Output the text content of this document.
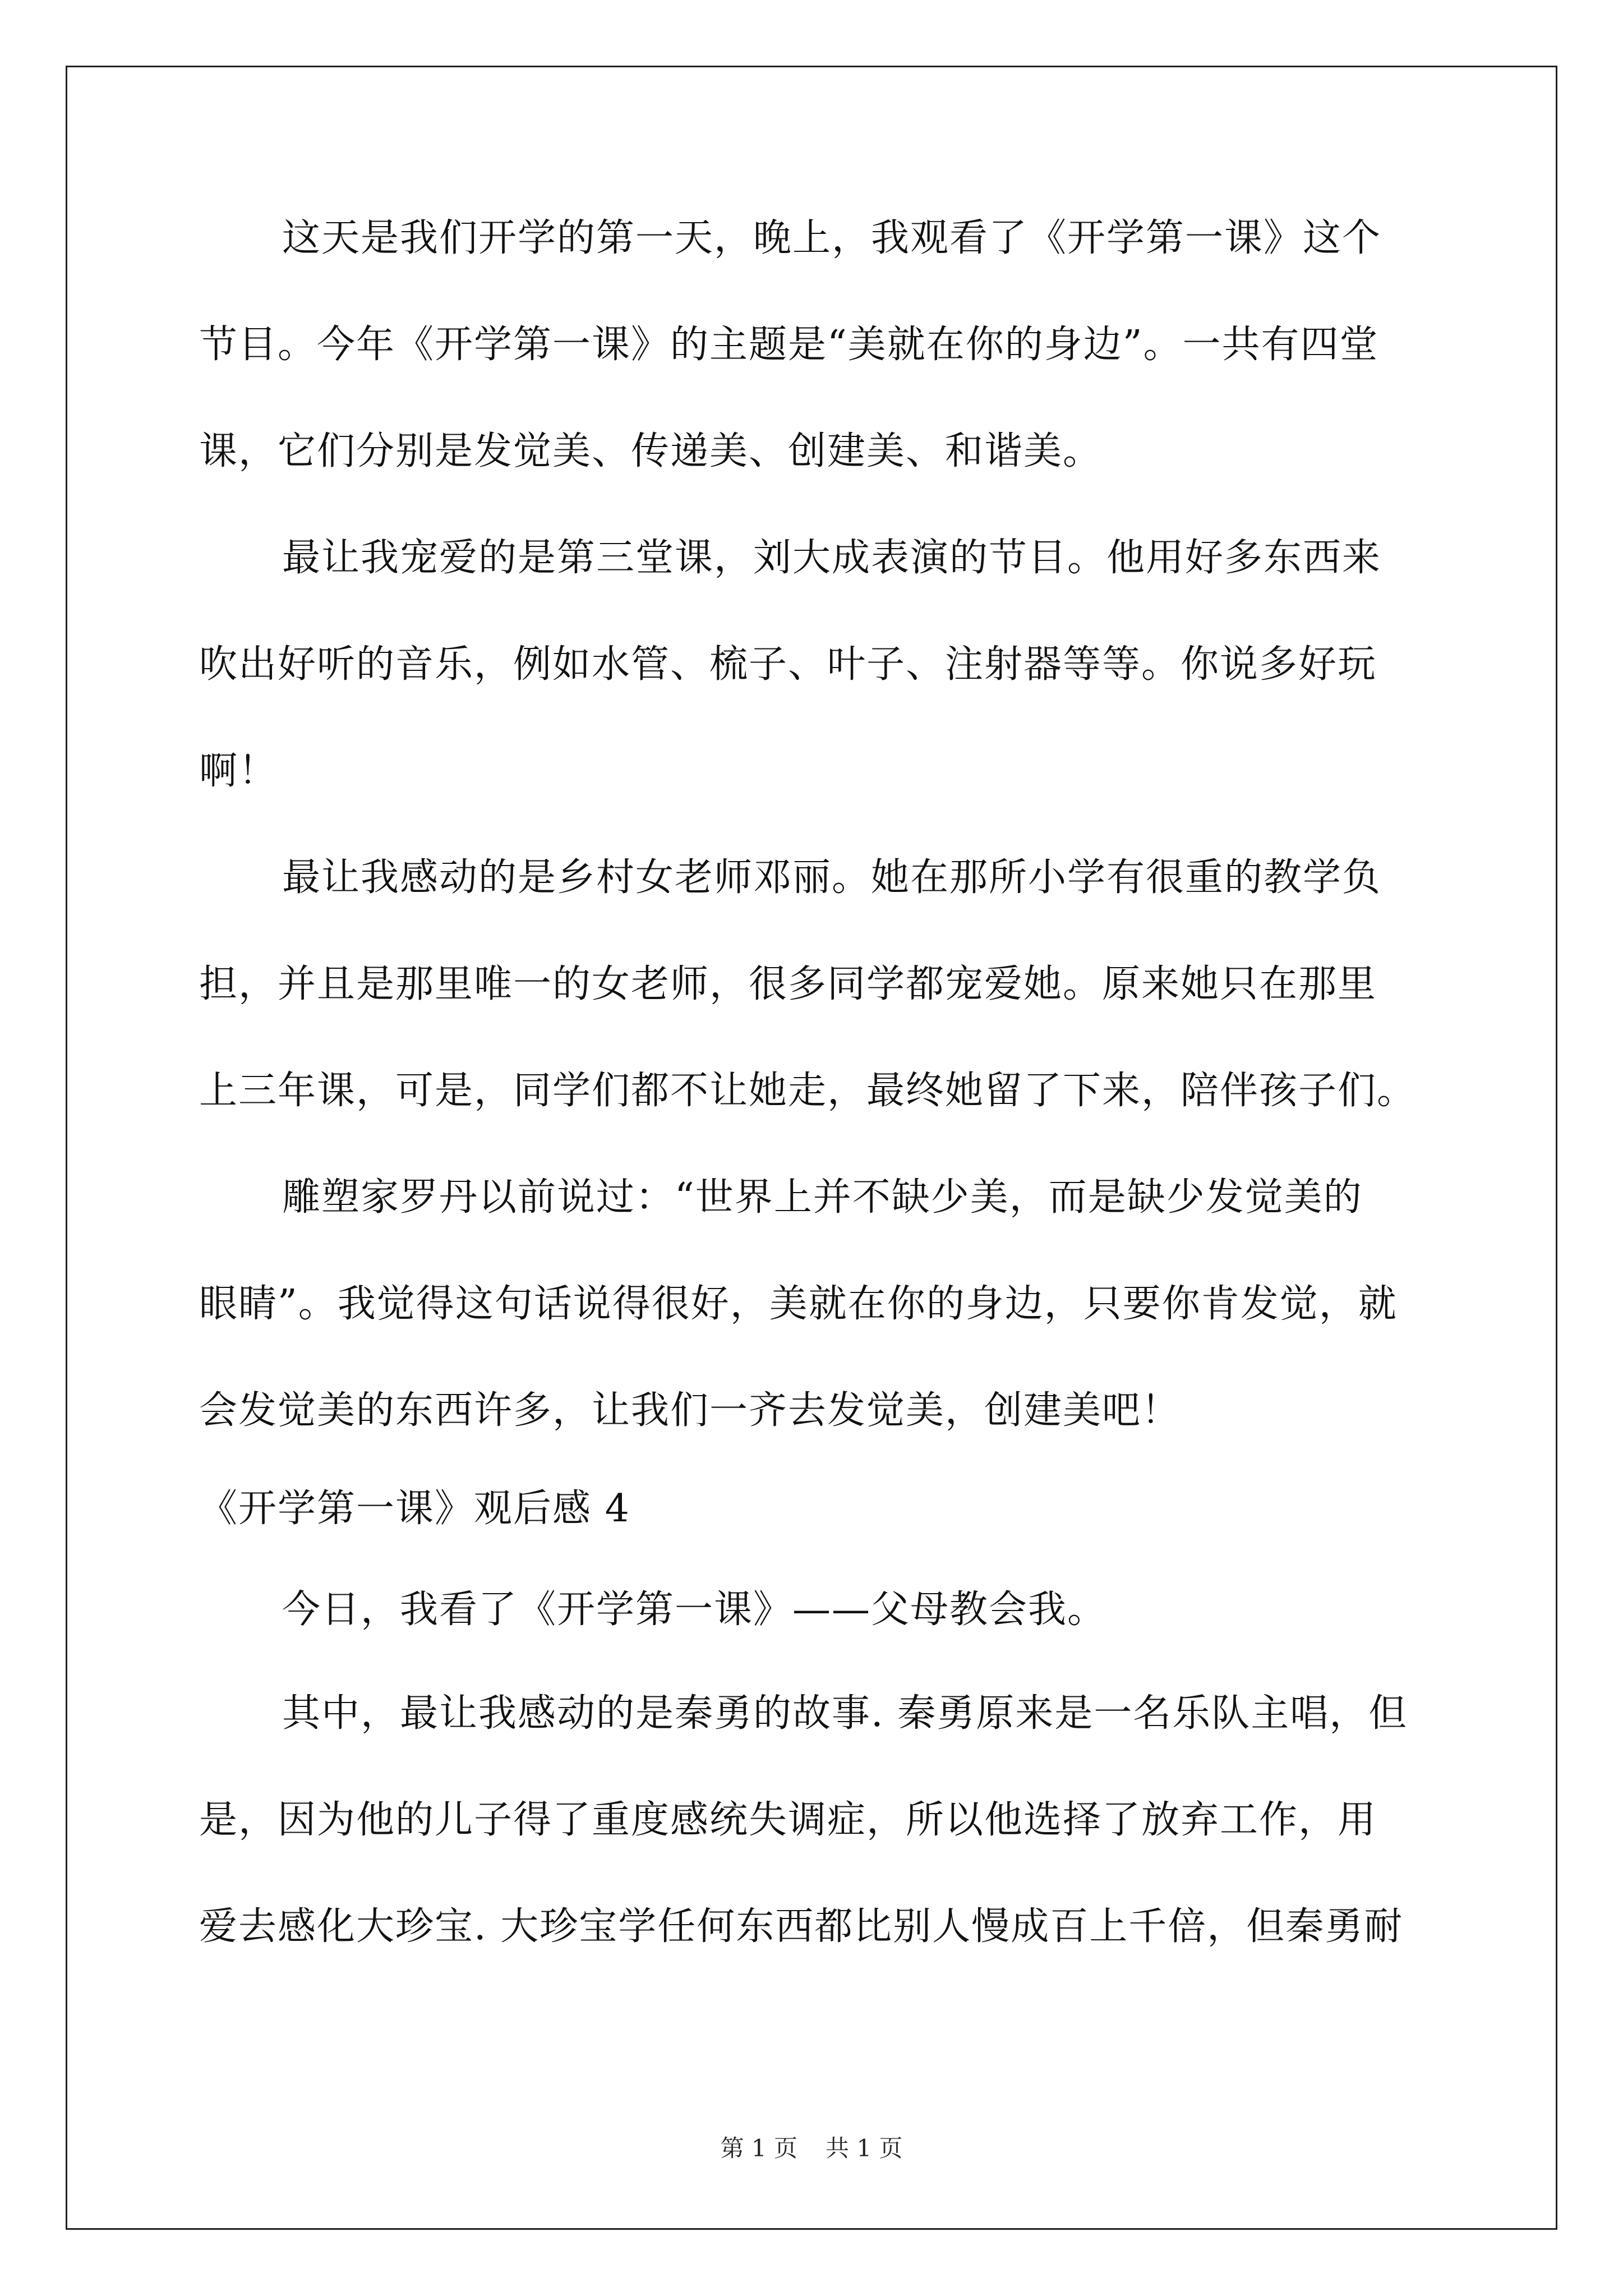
这天是我们开学的第一天，晚上，我观看了《开学第一课》这个
节目。今年《开学第一课》的主题是“美就在你的身边”。一共有四堂
课，它们分别是发觉美、传递美、创建美、和谐美。
最让我宠爱的是第三堂课，刘大成表演的节目。他用好多东西来
吹出好听的音乐，例如水管、梳子、叶子、注射器等等。你说多好玩
啊！
最让我感动的是乡村女老师邓丽。她在那所小学有很重的教学负
担，并且是那里唯一的女老师，很多同学都宠爱她。原来她只在那里
上三年课，可是，同学们都不让她走，最终她留了下来，陪伴孩子们。
雕塑家罗丹以前说过：“世界上并不缺少美，而是缺少发觉美的
眼睛”。我觉得这句话说得很好，美就在你的身边，只要你肯发觉，就
会发觉美的东西许多，让我们一齐去发觉美，创建美吧！
《开学第一课》观后感 4
今日，我看了《开学第一课》——父母教会我。
其中，最让我感动的是秦勇的故事. 秦勇原来是一名乐队主唱，但
是，因为他的儿子得了重度感统失调症，所以他选择了放弃工作，用
爱去感化大珍宝. 大珍宝学任何东西都比别人慢成百上千倍，但秦勇耐
第 1 页 共 1 页
